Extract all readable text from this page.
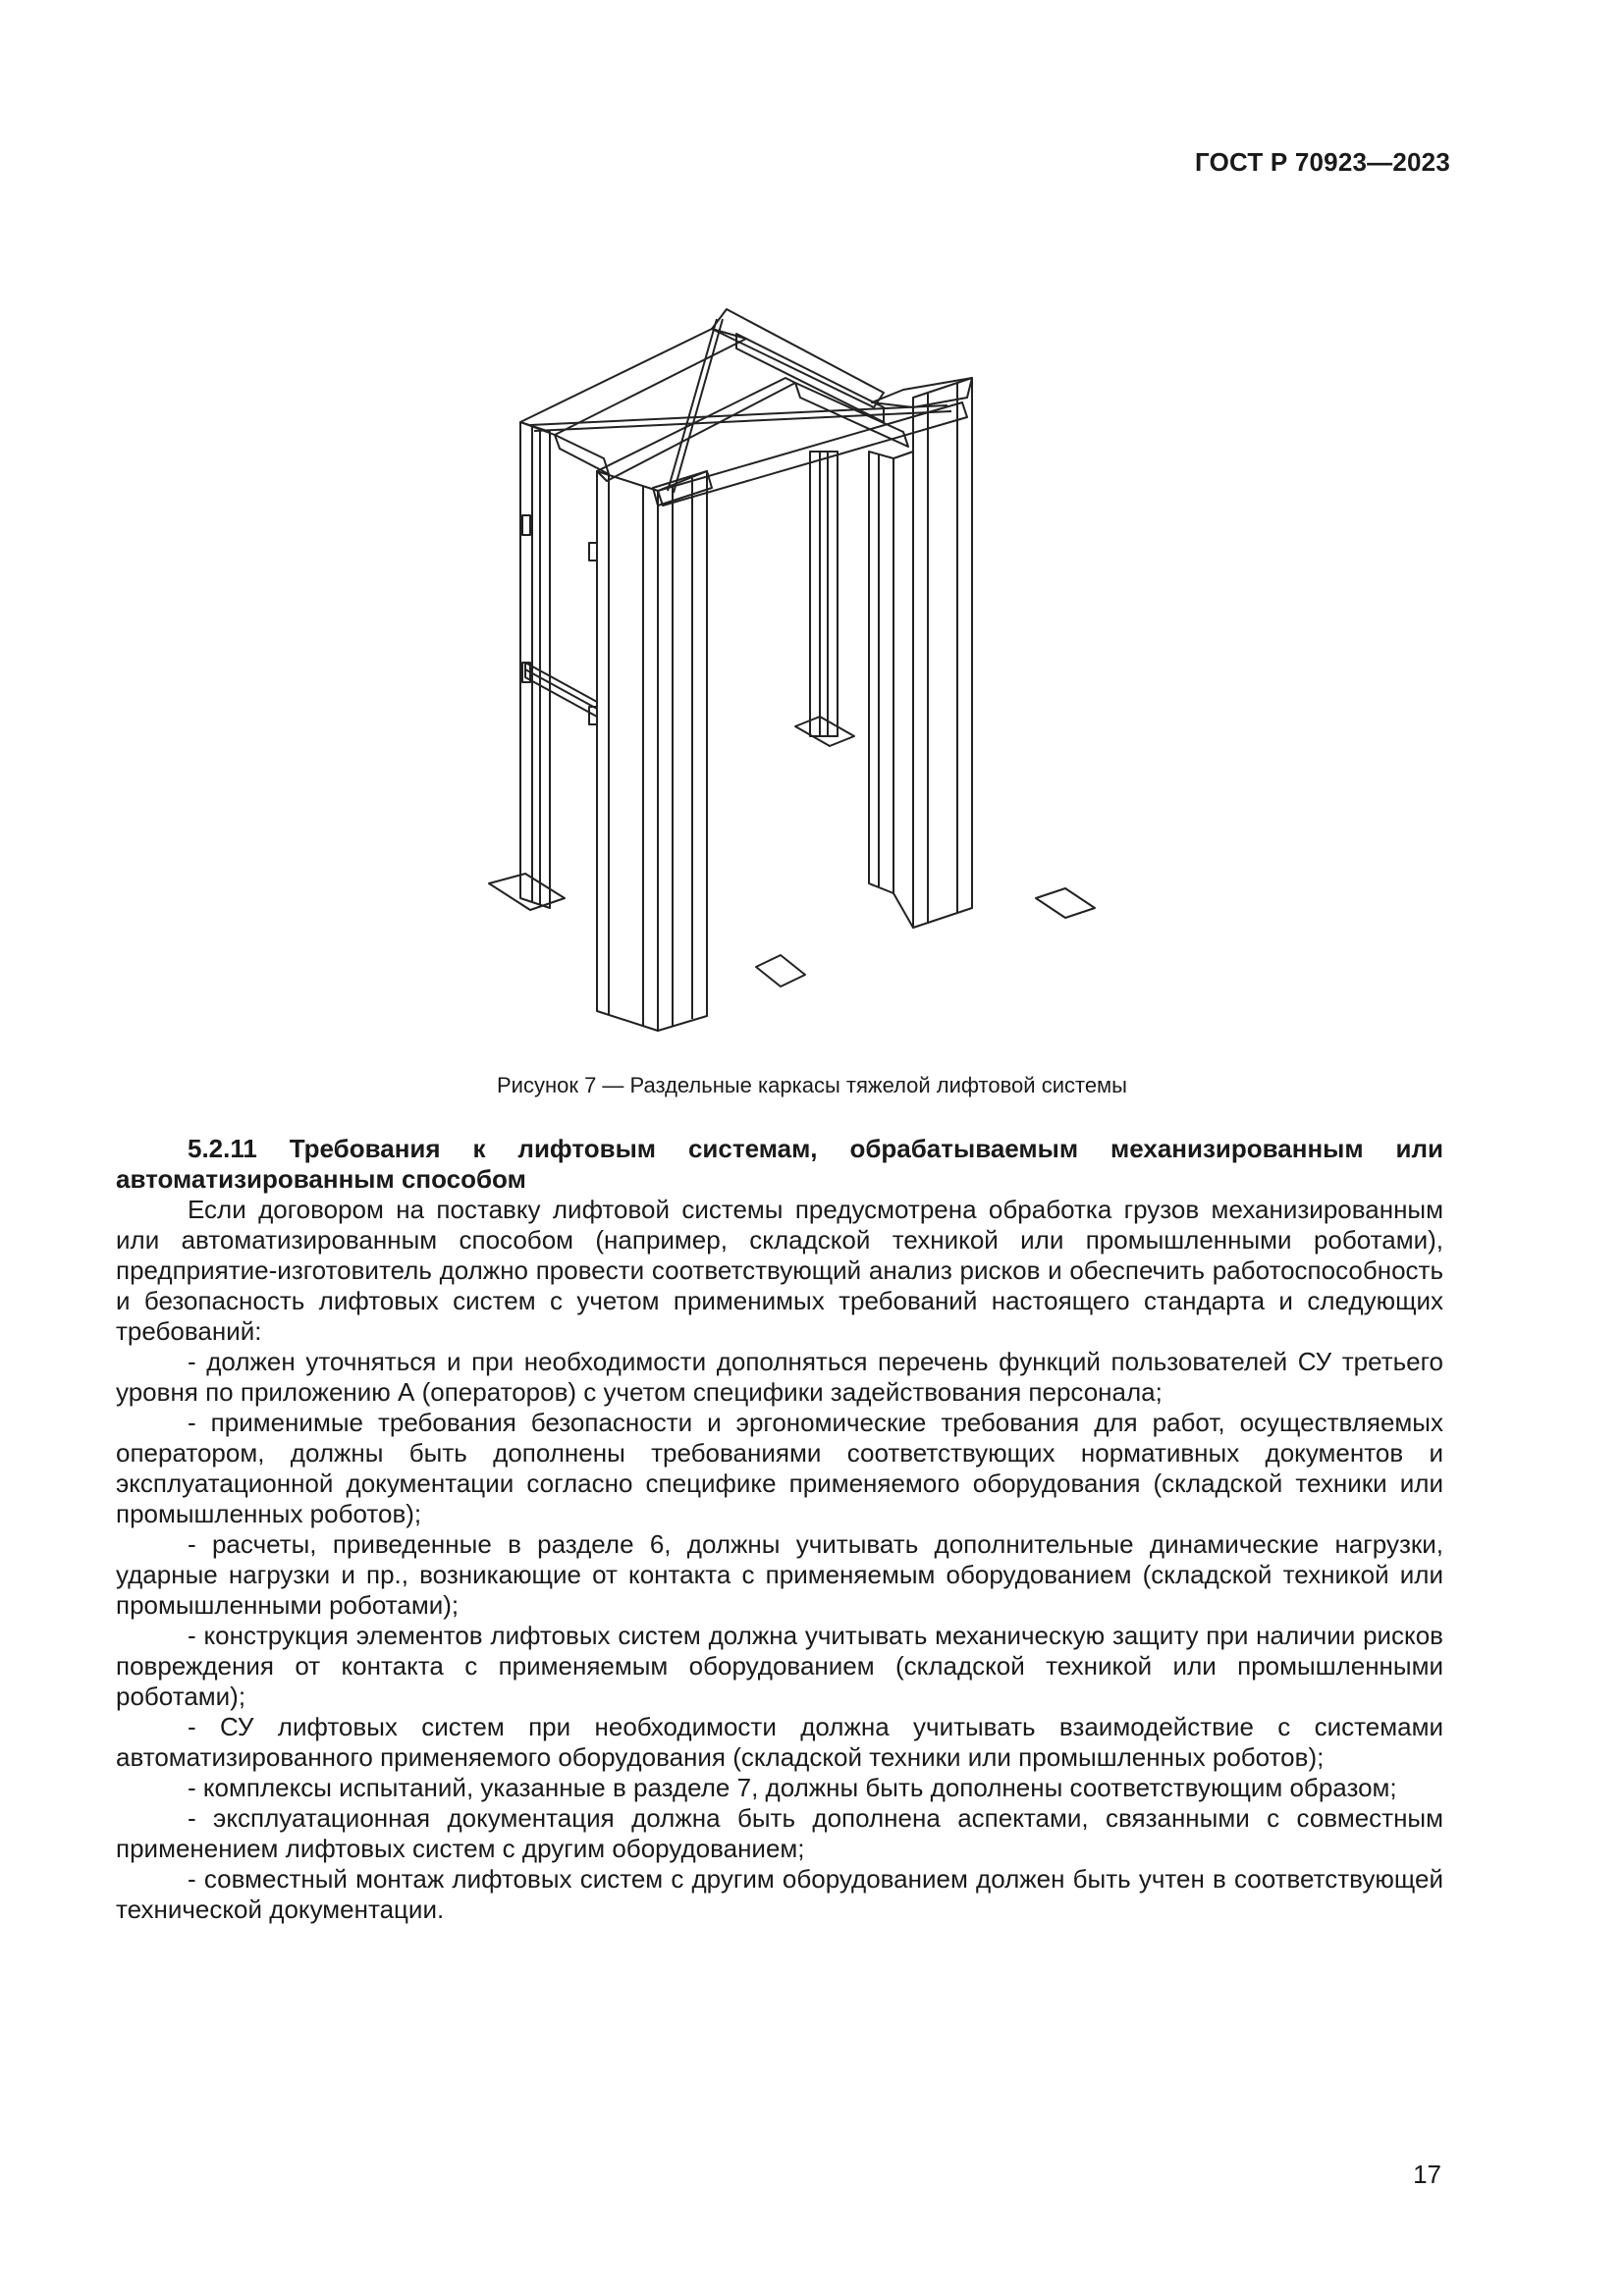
ГОСТ Р 70923—2023
Рисунок 7 — Раздельные каркасы тяжелой лифтовой системы

5.2.11 Требования к лифтовым системам, обрабатываемым механизированным или автоматизированным способом

Если договором на поставку лифтовой системы предусмотрена обработка грузов механизированным или автоматизированным способом (например, складской техникой или промышленными роботами), предприятие-изготовитель должно провести соответствующий анализ рисков и обеспечить работоспособность и безопасность лифтовых систем с учетом применимых требований настоящего стандарта и следующих требований:

- должен уточняться и при необходимости дополняться перечень функций пользователей СУ третьего уровня по приложению А (операторов) с учетом специфики задействования персонала;

- применимые требования безопасности и эргономические требования для работ, осуществляемых оператором, должны быть дополнены требованиями соответствующих нормативных документов и эксплуатационной документации согласно специфике применяемого оборудования (складской техники или промышленных роботов);

- расчеты, приведенные в разделе 6, должны учитывать дополнительные динамические нагрузки, ударные нагрузки и пр., возникающие от контакта с применяемым оборудованием (складской техникой или промышленными роботами);

- конструкция элементов лифтовых систем должна учитывать механическую защиту при наличии рисков повреждения от контакта с применяемым оборудованием (складской техникой или промышленными роботами);

- СУ лифтовых систем при необходимости должна учитывать взаимодействие с системами автоматизированного применяемого оборудования (складской техники или промышленных роботов);

- комплексы испытаний, указанные в разделе 7, должны быть дополнены соответствующим образом;

- эксплуатационная документация должна быть дополнена аспектами, связанными с совместным применением лифтовых систем с другим оборудованием;

- совместный монтаж лифтовых систем с другим оборудованием должен быть учтен в соответствующей технической документации.

17
